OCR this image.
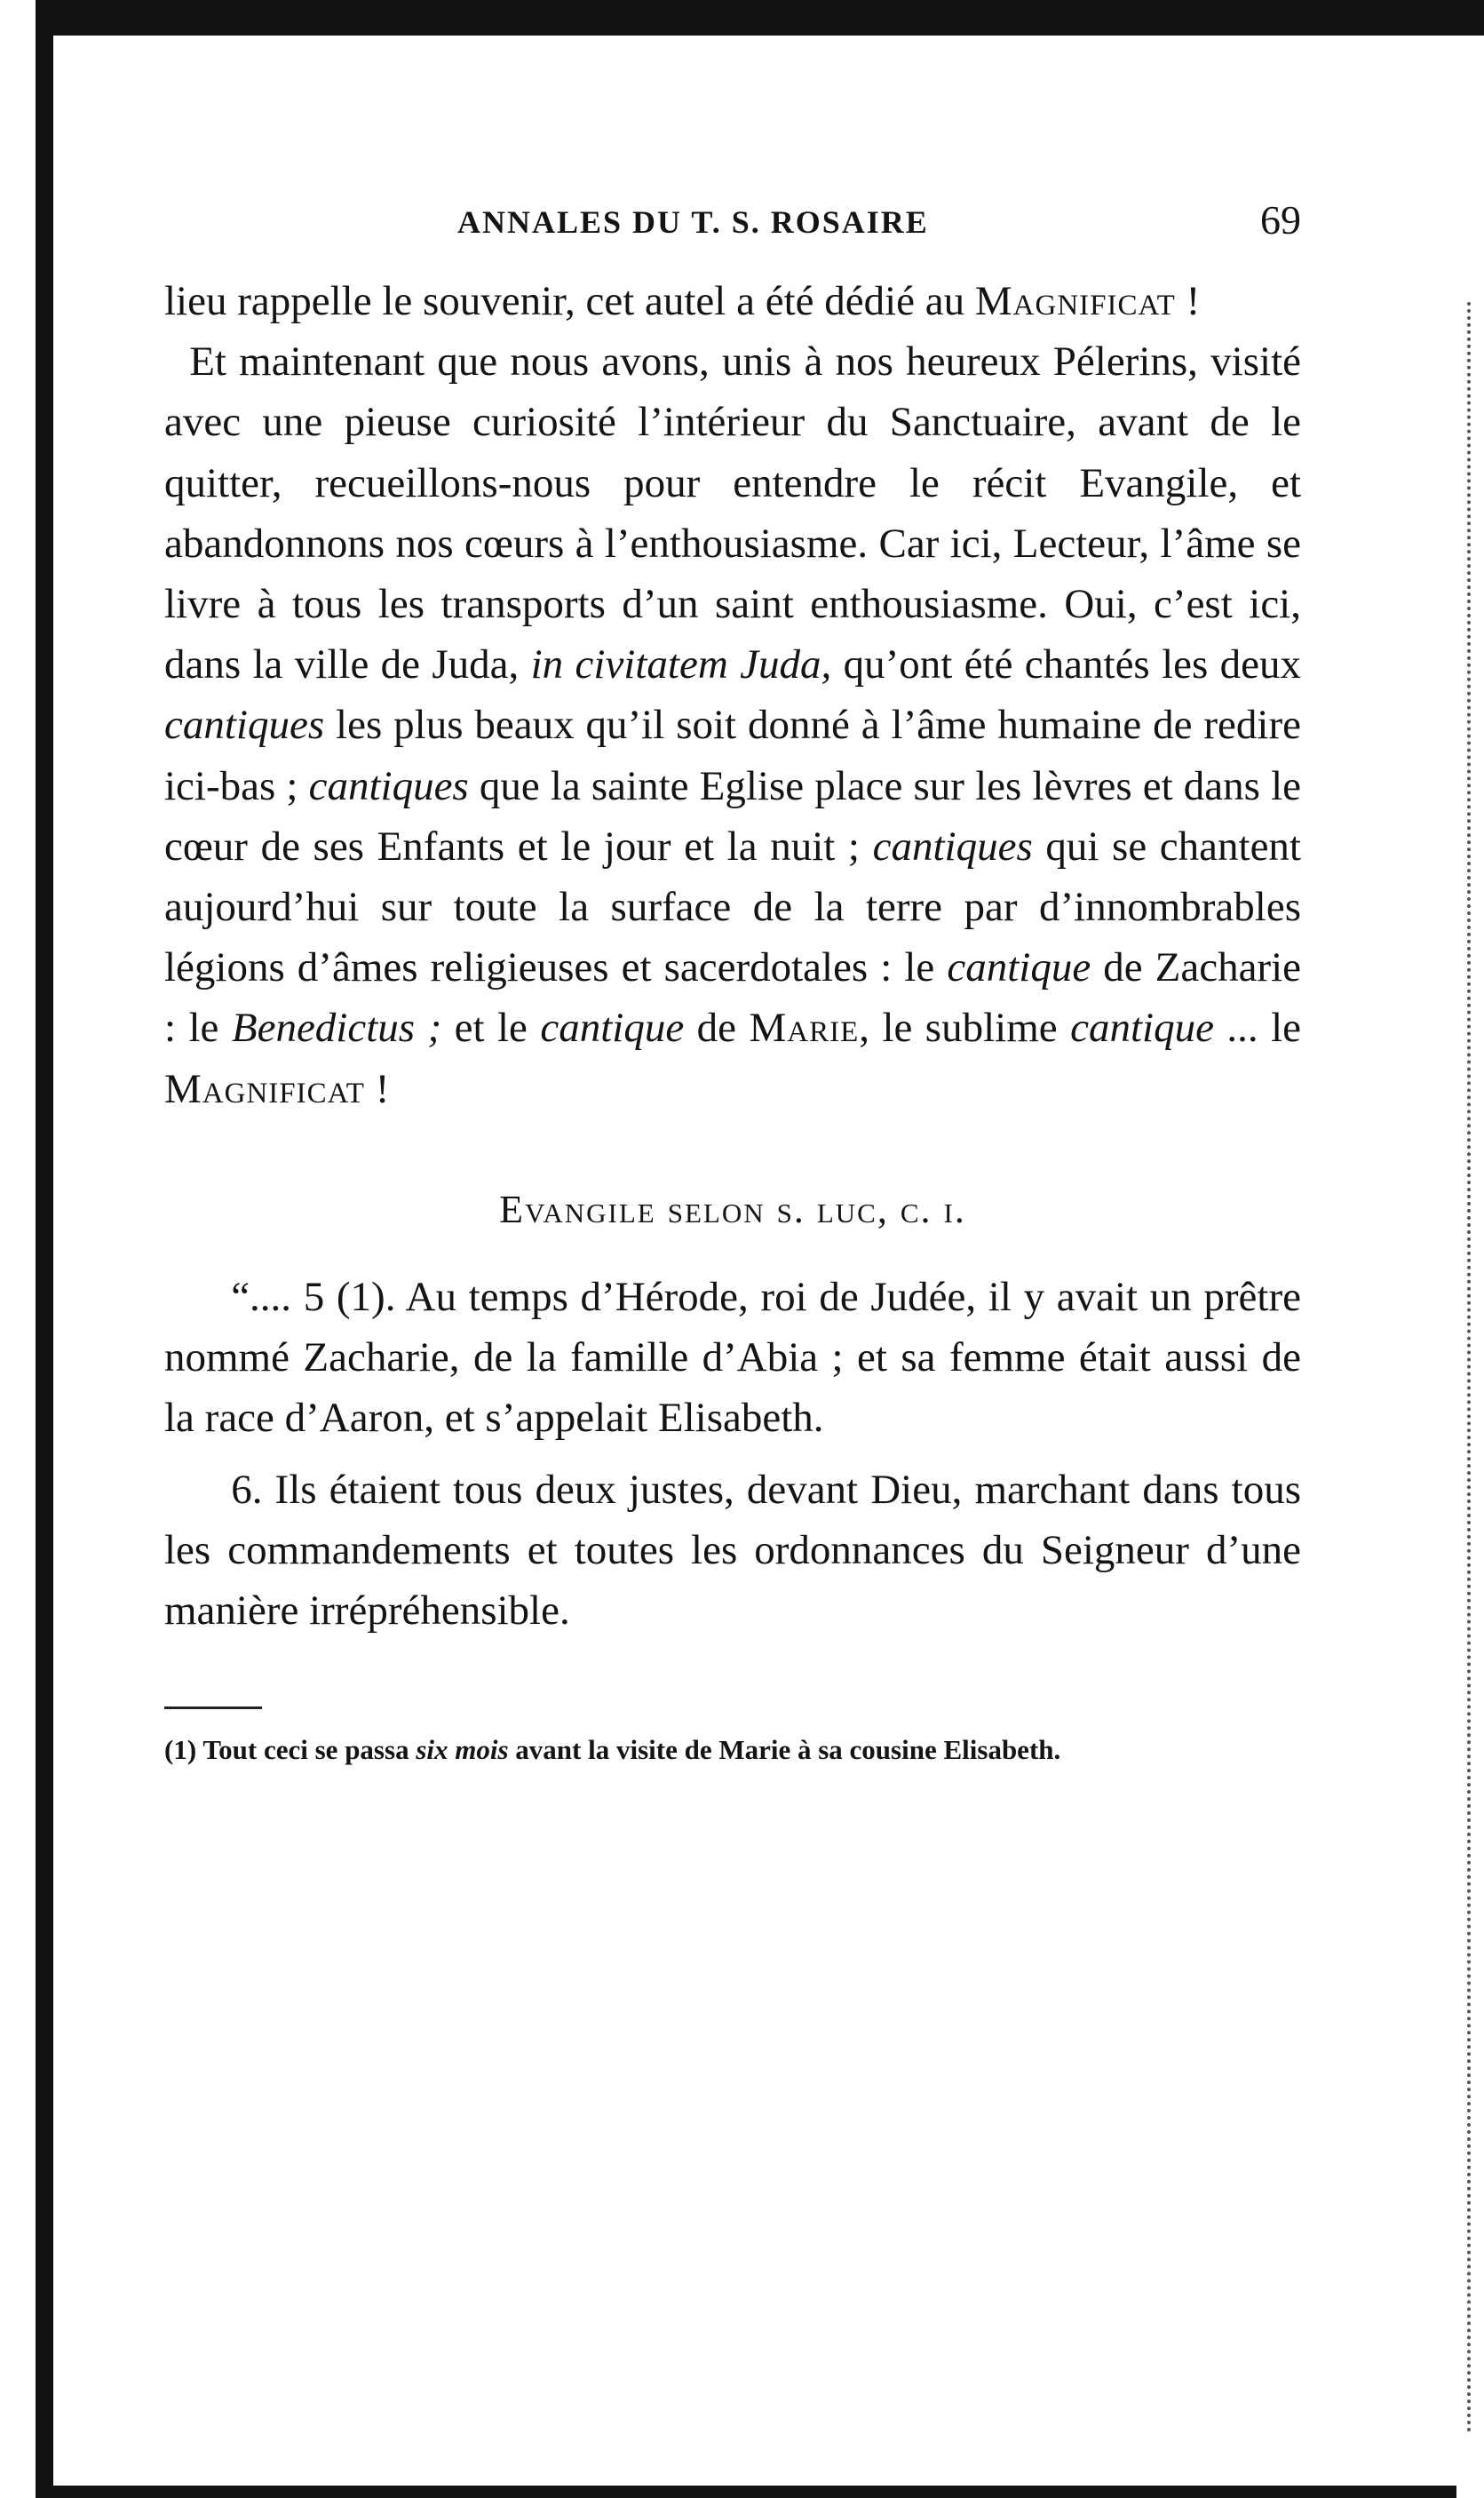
ANNALES DU T. S. ROSAIRE	69

lieu rappelle le souvenir, cet autel a été dédié au Magnificat !

Et maintenant que nous avons, unis à nos heureux Pélerins, visité avec une pieuse curiosité l’intérieur du Sanctuaire, avant de le quitter, recueillons-nous pour entendre le récit Evangile, et abandonnons nos cœurs à l’enthousiasme. Car ici, Lecteur, l’âme se livre à tous les transports d’un saint enthousiasme. Oui, c’est ici, dans la ville de Juda, in civitatem Juda, qu’ont été chantés les deux cantiques les plus beaux qu’il soit donné à l’âme humaine de redire ici-bas ; cantiques que la sainte Eglise place sur les lèvres et dans le cœur de ses Enfants et le jour et la nuit ; cantiques qui se chantent aujourd’hui sur toute la surface de la terre par d’innombrables légions d’âmes religieuses et sacerdotales : le cantique de Zacharie : le Benedictus ; et le cantique de Marie, le sublime cantique ... le Magnificat !

Evangile selon s. luc, c. i.

“.... 5 (1). Au temps d’Hérode, roi de Judée, il y avait un prêtre nommé Zacharie, de la famille d’Abia ; et sa femme était aussi de la race d’Aaron, et s’appelait Elisabeth.

6. Ils étaient tous deux justes, devant Dieu, marchant dans tous les commandements et toutes les ordonnances du Seigneur d’une manière irrépréhensible.

(1) Tout ceci se passa six mois avant la visite de Marie à sa cousine Elisabeth.
